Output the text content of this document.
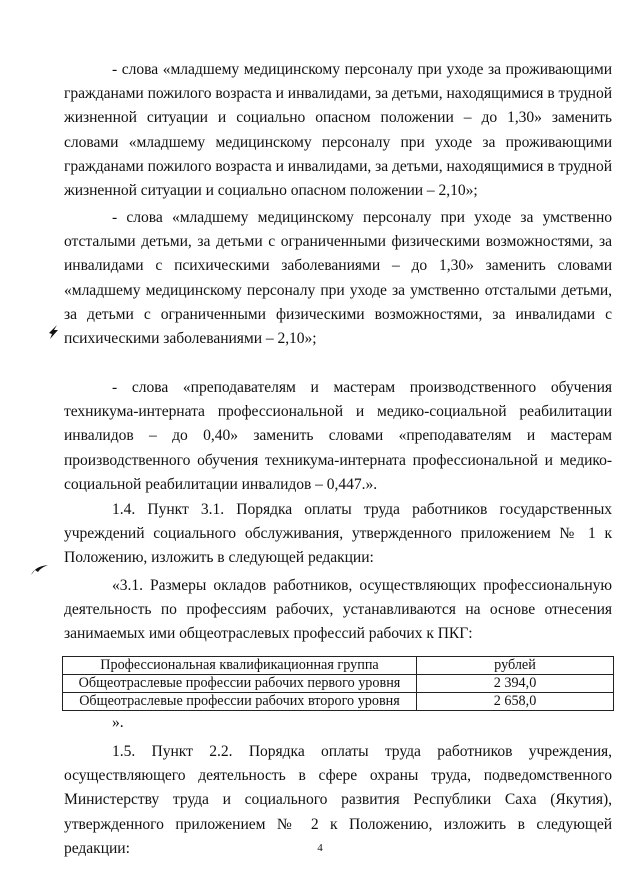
- слова «младшему медицинскому персоналу при уходе за проживающими гражданами пожилого возраста и инвалидами, за детьми, находящимися в трудной жизненной ситуации и социально опасном положении – до 1,30» заменить словами «младшему медицинскому персоналу при уходе за проживающими гражданами пожилого возраста и инвалидами, за детьми, находящимися в трудной жизненной ситуации и социально опасном положении – 2,10»;

- слова «младшему медицинскому персоналу при уходе за умственно отсталыми детьми, за детьми с ограниченными физическими возможностями, за инвалидами с психическими заболеваниями – до 1,30» заменить словами «младшему медицинскому персоналу при уходе за умственно отсталыми детьми, за детьми с ограниченными физическими возможностями, за инвалидами с психическими заболеваниями – 2,10»;

- слова «преподавателям и мастерам производственного обучения техникума-интерната профессиональной и медико-социальной реабилитации инвалидов – до 0,40» заменить словами «преподавателям и мастерам производственного обучения техникума-интерната профессиональной и медико-социальной реабилитации инвалидов – 0,447.».

1.4. Пункт 3.1. Порядка оплаты труда работников государственных учреждений социального обслуживания, утвержденного приложением № 1 к Положению, изложить в следующей редакции:

«3.1. Размеры окладов работников, осуществляющих профессиональную деятельность по профессиям рабочих, устанавливаются на основе отнесения занимаемых ими общеотраслевых профессий рабочих к ПКГ:

Профессиональная квалификационная группа	рублей
Общеотраслевые профессии рабочих первого уровня	2 394,0
Общеотраслевые профессии рабочих второго уровня	2 658,0
».

1.5. Пункт 2.2. Порядка оплаты труда работников учреждения, осуществляющего деятельность в сфере охраны труда, подведомственного Министерству труда и социального развития Республики Саха (Якутия), утвержденного приложением № 2 к Положению, изложить в следующей редакции:	4
